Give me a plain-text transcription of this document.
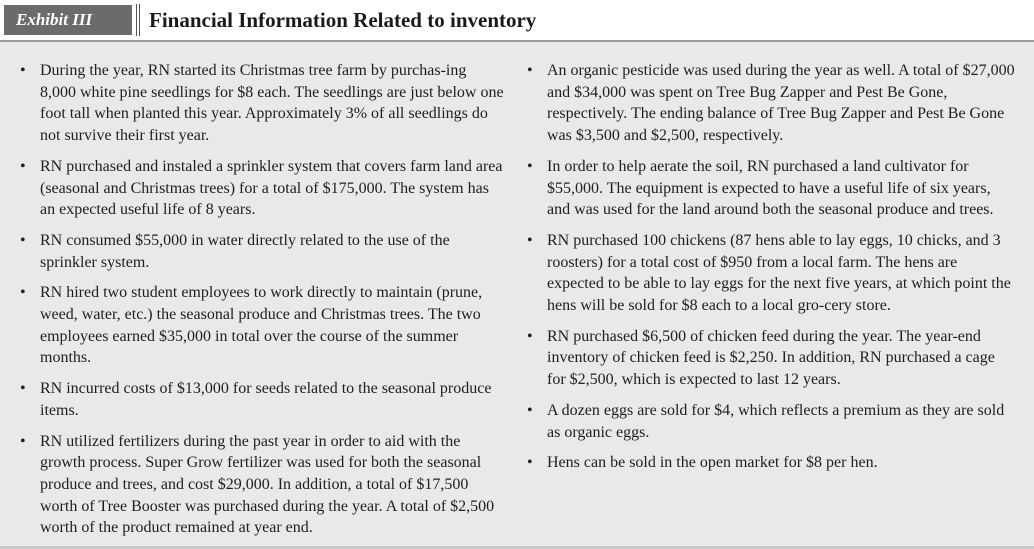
Exhibit III	Financial Information Related to inventory
• During the year, RN started its Christmas tree farm by purchas-ing 8,000 white pine seedlings for $8 each. The seedlings are just below one foot tall when planted this year. Approximately 3% of all seedlings do not survive their first year.
• RN purchased and instaled a sprinkler system that covers farm land area (seasonal and Christmas trees) for a total of $175,000. The system has an expected useful life of 8 years.
• RN consumed $55,000 in water directly related to the use of the sprinkler system.
• RN hired two student employees to work directly to maintain (prune, weed, water, etc.) the seasonal produce and Christmas trees. The two employees earned $35,000 in total over the course of the summer months.
• RN incurred costs of $13,000 for seeds related to the seasonal produce items.
• RN utilized fertilizers during the past year in order to aid with the growth process. Super Grow fertilizer was used for both the seasonal produce and trees, and cost $29,000. In addition, a total of $17,500 worth of Tree Booster was purchased during the year. A total of $2,500 worth of the product remained at year end.
• An organic pesticide was used during the year as well. A total of $27,000 and $34,000 was spent on Tree Bug Zapper and Pest Be Gone, respectively. The ending balance of Tree Bug Zapper and Pest Be Gone was $3,500 and $2,500, respectively.
• In order to help aerate the soil, RN purchased a land cultivator for $55,000. The equipment is expected to have a useful life of six years, and was used for the land around both the seasonal produce and trees.
• RN purchased 100 chickens (87 hens able to lay eggs, 10 chicks, and 3 roosters) for a total cost of $950 from a local farm. The hens are expected to be able to lay eggs for the next five years, at which point the hens will be sold for $8 each to a local gro-cery store.
• RN purchased $6,500 of chicken feed during the year. The year-end inventory of chicken feed is $2,250. In addition, RN purchased a cage for $2,500, which is expected to last 12 years.
• A dozen eggs are sold for $4, which reflects a premium as they are sold as organic eggs.
• Hens can be sold in the open market for $8 per hen.
